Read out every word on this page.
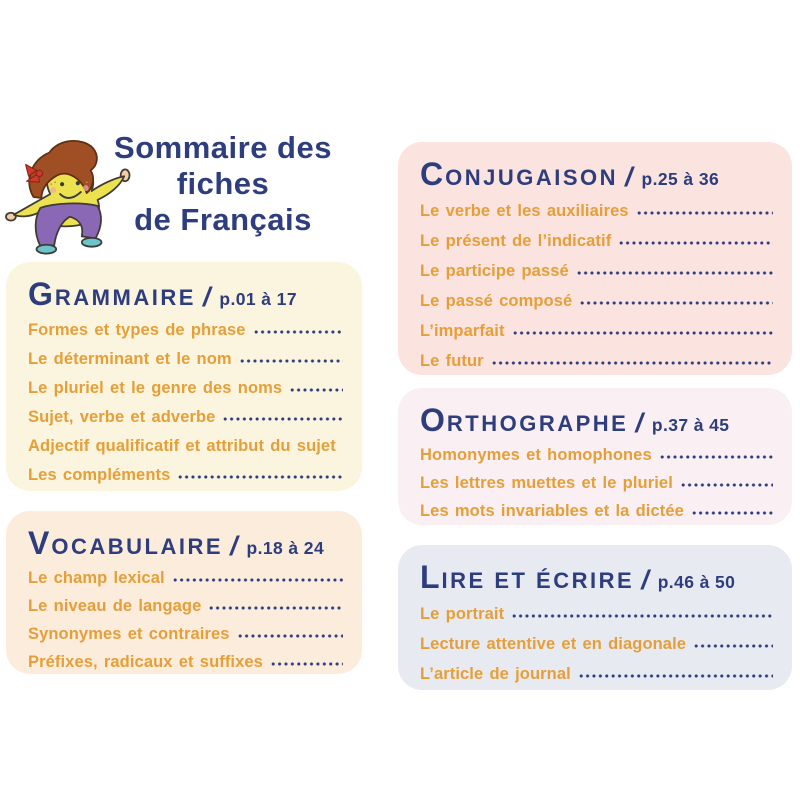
Sommaire des fiches
de Français
GRAMMAIRE / p.01 à 17
Formes et types de phrase
Le déterminant et le nom
Le pluriel et le genre des noms
Sujet, verbe et adverbe
Adjectif qualificatif et attribut du sujet
Les compléments
VOCABULAIRE / p.18 à 24
Le champ lexical
Le niveau de langage
Synonymes et contraires
Préfixes, radicaux et suffixes
CONJUGAISON / p.25 à 36
Le verbe et les auxiliaires
Le présent de l’indicatif
Le participe passé
Le passé composé
L’imparfait
Le futur
ORTHOGRAPHE / p.37 à 45
Homonymes et homophones
Les lettres muettes et le pluriel
Les mots invariables et la dictée
LIRE ET ÉCRIRE / p.46 à 50
Le portrait
Lecture attentive et en diagonale
L’article de journal
